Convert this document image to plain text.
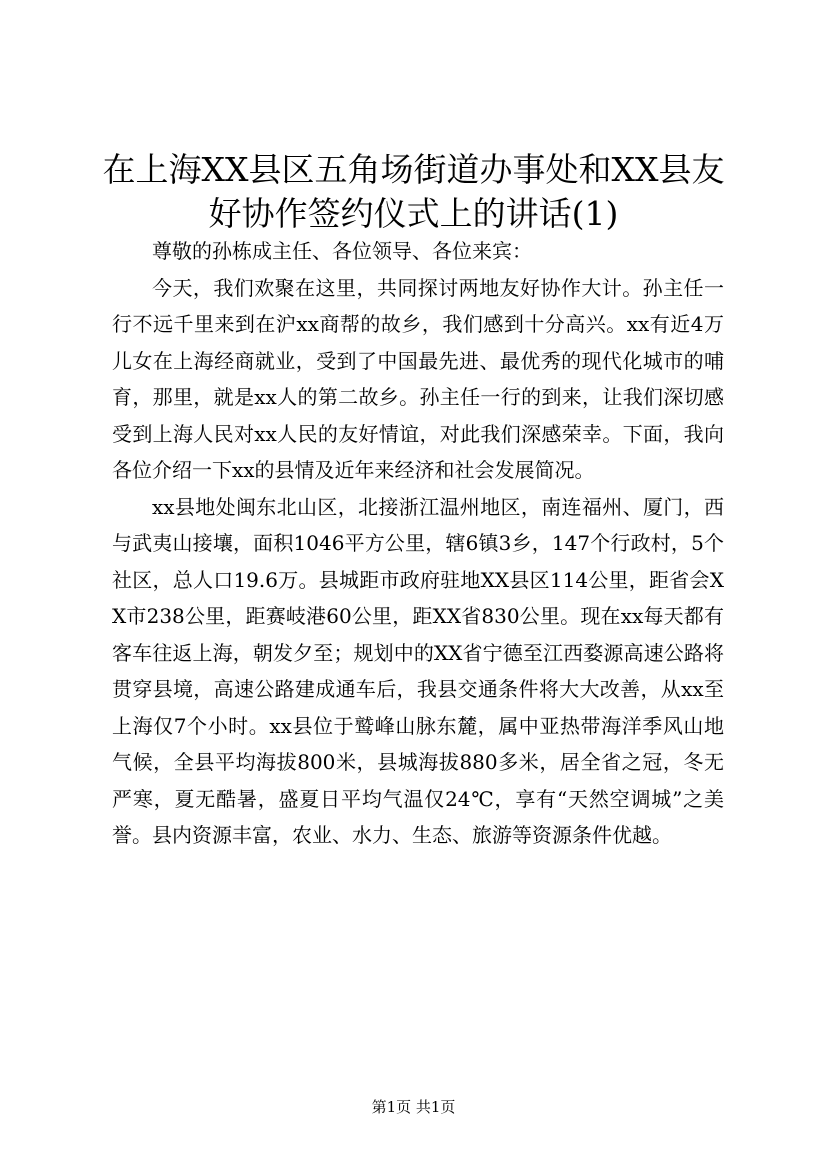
在上海XX县区五角场街道办事处和XX县友好协作签约仪式上的讲话(1)

尊敬的孙栋成主任、各位领导、各位来宾：

今天，我们欢聚在这里，共同探讨两地友好协作大计。孙主任一行不远千里来到在沪xx商帮的故乡，我们感到十分高兴。xx有近4万儿女在上海经商就业，受到了中国最先进、最优秀的现代化城市的哺育，那里，就是xx人的第二故乡。孙主任一行的到来，让我们深切感受到上海人民对xx人民的友好情谊，对此我们深感荣幸。下面，我向各位介绍一下xx的县情及近年来经济和社会发展简况。

xx县地处闽东北山区，北接浙江温州地区，南连福州、厦门，西与武夷山接壤，面积1046平方公里，辖6镇3乡，147个行政村，5个社区，总人口19.6万。县城距市政府驻地XX县区114公里，距省会XX市238公里，距赛岐港60公里，距XX省830公里。现在xx每天都有客车往返上海，朝发夕至；规划中的XX省宁德至江西婺源高速公路将贯穿县境，高速公路建成通车后，我县交通条件将大大改善，从xx至上海仅7个小时。xx县位于鹫峰山脉东麓，属中亚热带海洋季风山地气候，全县平均海拔800米，县城海拔880多米，居全省之冠，冬无严寒，夏无酷暑，盛夏日平均气温仅24℃，享有“天然空调城”之美誉。县内资源丰富，农业、水力、生态、旅游等资源条件优越。

第1页 共1页
